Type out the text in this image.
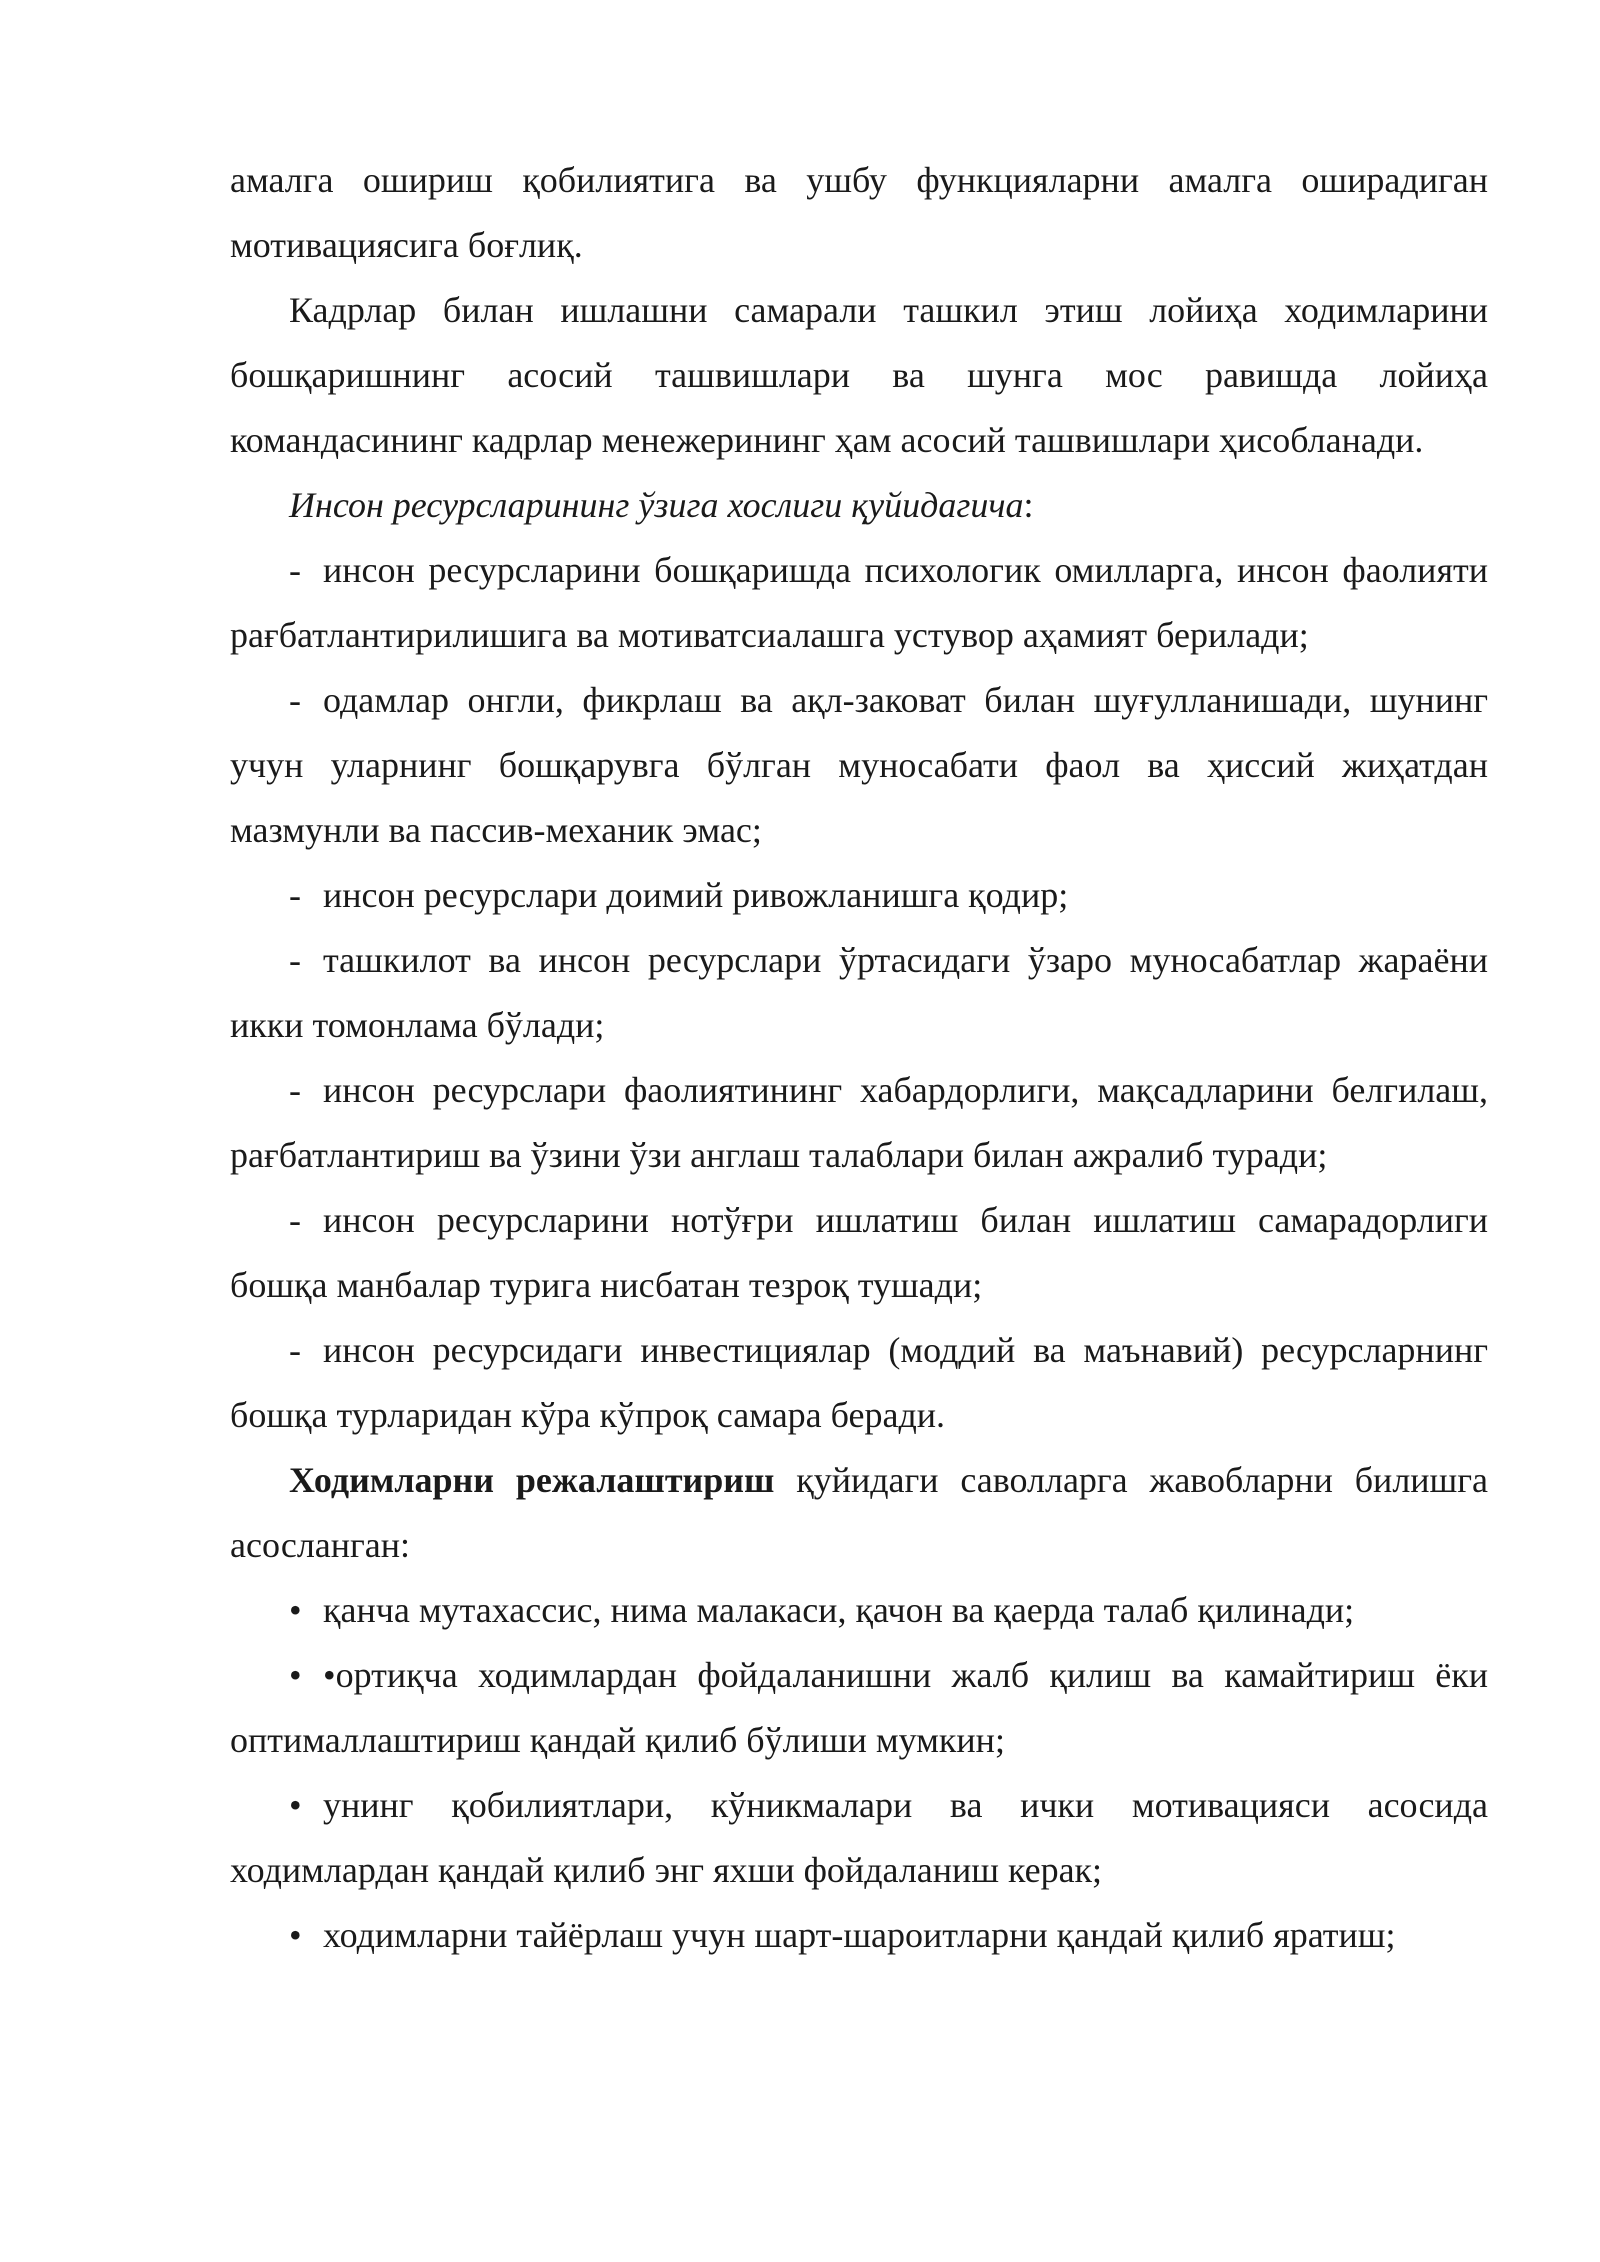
амалга ошириш қобилиятига ва ушбу функцияларни амалга оширадиган мотивациясига боғлиқ.

Кадрлар билан ишлашни самарали ташкил этиш лойиҳа ходимларини бошқаришнинг асосий ташвишлари ва шунга мос равишда лойиҳа командасининг кадрлар менежерининг ҳам асосий ташвишлари ҳисобланади.

Инсон ресурсларининг ўзига хослиги қуйидагича:

- инсон ресурсларини бошқаришда психологик омилларга, инсон фаолияти рағбатлантирилишига ва мотиватсиалашга устувор аҳамият берилади;

- одамлар онгли, фикрлаш ва ақл-заковат билан шуғулланишади, шунинг учун уларнинг бошқарувга бўлган муносабати фаол ва ҳиссий жиҳатдан мазмунли ва пассив-механик эмас;

- инсон ресурслари доимий ривожланишга қодир;

- ташкилот ва инсон ресурслари ўртасидаги ўзаро муносабатлар жараёни икки томонлама бўлади;

- инсон ресурслари фаолиятининг хабардорлиги, мақсадларини белгилаш, рағбатлантириш ва ўзини ўзи англаш талаблари билан ажралиб туради;

- инсон ресурсларини нотўғри ишлатиш билан ишлатиш самарадорлиги бошқа манбалар турига нисбатан тезроқ тушади;

- инсон ресурсидаги инвестициялар (моддий ва маънавий) ресурсларнинг бошқа турларидан кўра кўпроқ самара беради.

Ходимларни режалаштириш қуйидаги саволларга жавобларни билишга асосланган:

• қанча мутахассис, нима малакаси, қачон ва қаерда талаб қилинади;

• •ортиқча ходимлардан фойдаланишни жалб қилиш ва камайтириш ёки оптималлаштириш қандай қилиб бўлиши мумкин;

• унинг қобилиятлари, кўникмалари ва ички мотивацияси асосида ходимлардан қандай қилиб энг яхши фойдаланиш керак;

• ходимларни тайёрлаш учун шарт-шароитларни қандай қилиб яратиш;
